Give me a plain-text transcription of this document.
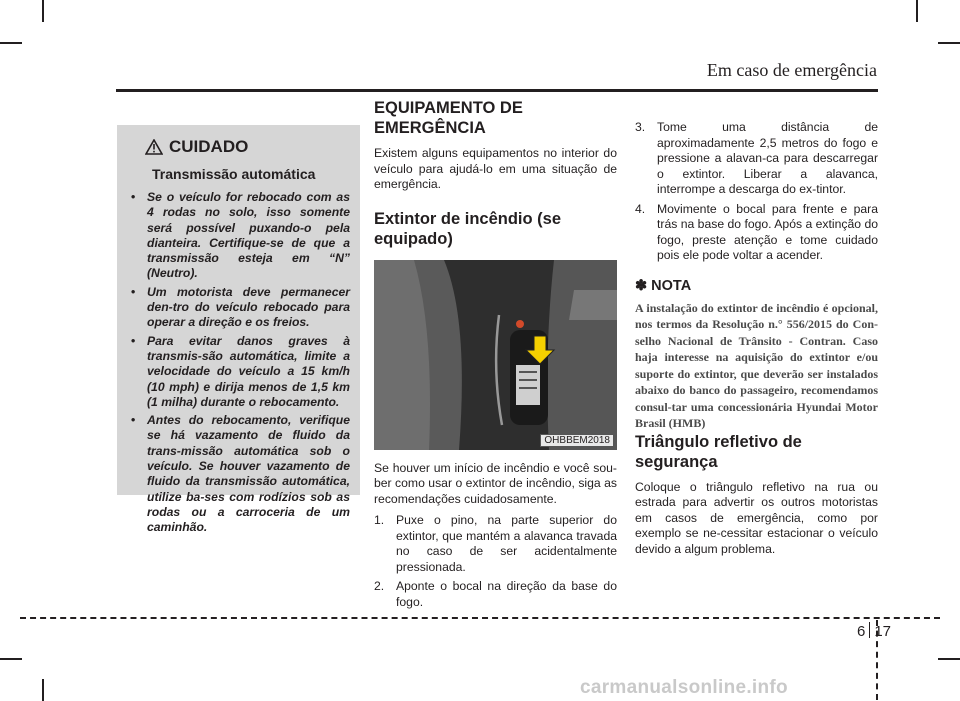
Em caso de emergência
CUIDADO
Transmissão automática
• Se o veículo for rebocado com as 4 rodas no solo, isso somente será possível puxando-o pela dianteira. Certifique-se de que a transmissão esteja em “N” (Neutro).
• Um motorista deve permanecer den-tro do veículo rebocado para operar a direção e os freios.
• Para evitar danos graves à transmis-são automática, limite a velocidade do veículo a 15 km/h (10 mph) e dirija menos de 1,5 km (1 milha) durante o rebocamento.
• Antes do rebocamento, verifique se há vazamento de fluido da trans-missão automática sob o veículo. Se houver vazamento de fluido da transmissão automática, utilize ba-ses com rodízios sob as rodas ou a carroceria de um caminhão.
EQUIPAMENTO DE EMERGÊNCIA

Existem alguns equipamentos no interior do veículo para ajudá-lo em uma situação de emergência.

Extintor de incêndio (se equipado)
OHBBEM2018

Se houver um início de incêndio e você sou-ber como usar o extintor de incêndio, siga as recomendações cuidadosamente.

1. Puxe o pino, na parte superior do extintor, que mantém a alavanca travada no caso de ser acidentalmente pressionada.
2. Aponte o bocal na direção da base do fogo.
3. Tome uma distância de aproximadamente 2,5 metros do fogo e pressione a alavan-ca para descarregar o extintor. Liberar a alavanca, interrompe a descarga do ex-tintor.
4. Movimente o bocal para frente e para trás na base do fogo. Após a extinção do fogo, preste atenção e tome cuidado pois ele pode voltar a acender.
✽ NOTA
A instalação do extintor de incêndio é opcional, nos termos da Resolução n.° 556/2015 do Con-selho Nacional de Trânsito - Contran. Caso haja interesse na aquisição do extintor e/ou suporte do extintor, que deverão ser instalados abaixo do banco do passageiro, recomendamos consul-tar uma concessionária Hyundai Motor Brasil (HMB)
Triângulo refletivo de segurança

Coloque o triângulo refletivo na rua ou estrada para advertir os outros motoristas em casos de emergência, como por exemplo se ne-cessitar estacionar o veículo devido a algum problema.

6 17
carmanualsonline.info
